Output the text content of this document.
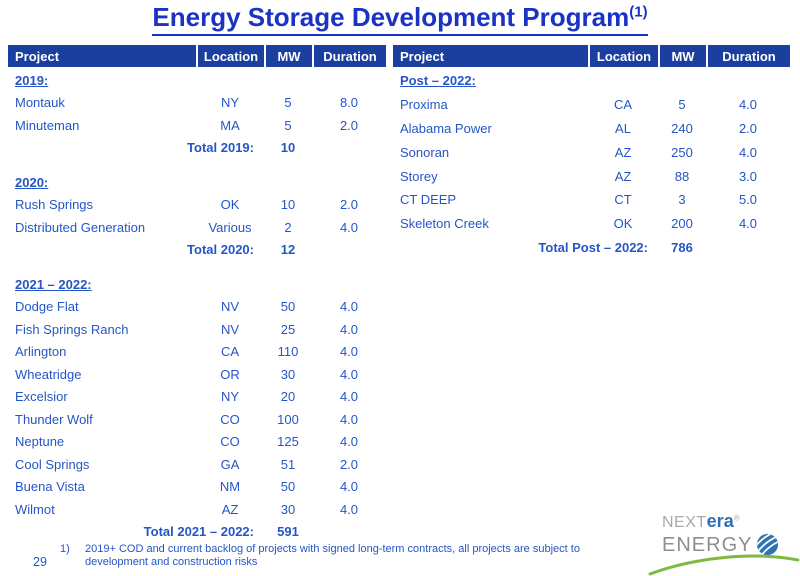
Energy Storage Development Program$^{(1)}$
Project	Location	MW	Duration
2019:
Montauk	NY	5	8.0
Minuteman	MA	5	2.0
Total 2019:	10
2020:
Rush Springs	OK	10	2.0
Distributed Generation	Various	2	4.0
Total 2020:	12
2021 – 2022:
Dodge Flat	NV	50	4.0
Fish Springs Ranch	NV	25	4.0
Arlington	CA	110	4.0
Wheatridge	OR	30	4.0
Excelsior	NY	20	4.0
Thunder Wolf	CO	100	4.0
Neptune	CO	125	4.0
Cool Springs	GA	51	2.0
Buena Vista	NM	50	4.0
Wilmot	AZ	30	4.0
Total 2021 – 2022:	591
Project	Location	MW	Duration
Post – 2022:
Proxima	CA	5	4.0
Alabama Power	AL	240	2.0
Sonoran	AZ	250	4.0
Storey	AZ	88	3.0
CT DEEP	CT	3	5.0
Skeleton Creek	OK	200	4.0
Total Post – 2022:	786
29
1)	2019+ COD and current backlog of projects with signed long-term contracts, all projects are subject to
development and construction risks
NEXTera®
ENERGY
